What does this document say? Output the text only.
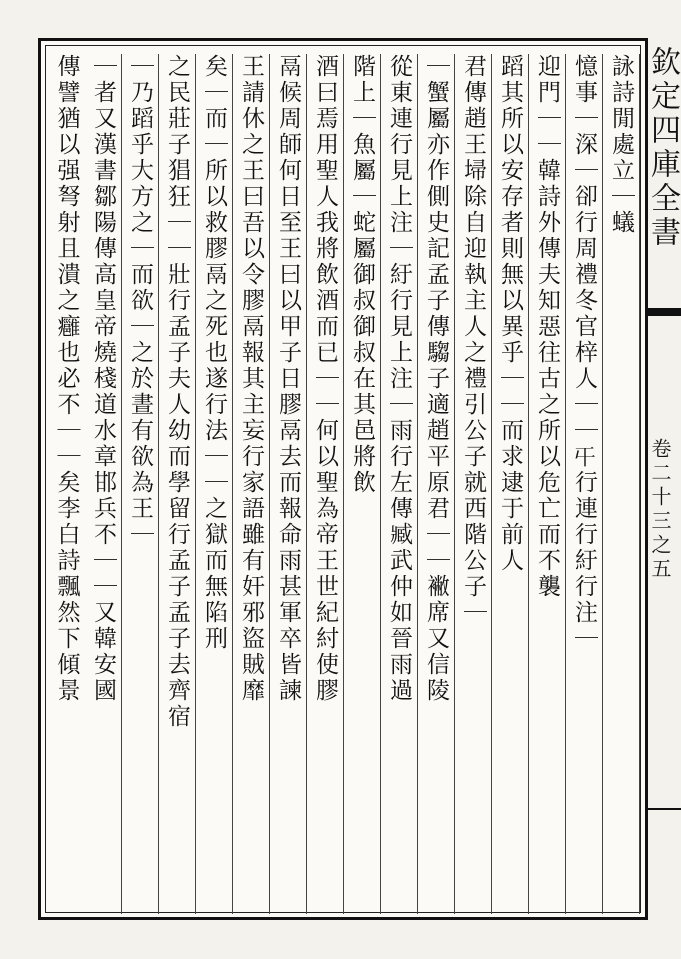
詠詩閒處立｜蟻
憶事｜深｜卻行周禮冬官梓人｜｜𡕒行連行紆行注｜
迎門｜｜韓詩外傳夫知惡往古之所以危亡而不襲
蹈其所以安存者則無以異乎｜｜而求逮于前人
君傳趙王埽除自迎執主人之禮引公子就西階公子｜
｜蟹屬亦作側史記孟子傳騶子適趙平原君｜｜襒席又信陵
從東連行見上注｜紆行見上注｜雨行左傳臧武仲如晉雨過
階上｜魚屬｜蛇屬御叔御叔在其邑將飲
酒曰焉用聖人我將飲酒而已｜｜何以聖為帝王世紀紂使膠
鬲候周師何日至王曰以甲子日膠鬲去而報命雨甚軍卒皆諫
王請休之王曰吾以令膠鬲報其主妄行家語雖有奸邪盜賊靡
矣｜而｜所以救膠鬲之死也遂行法｜｜之獄而無陷刑
之民莊子猖狂｜｜壯行孟子夫人幼而學留行孟子孟子去齊宿
｜乃蹈乎大方之｜而欲｜之於晝有欲為王｜
｜者又漢書鄒陽傳高皇帝燒棧道水章邯兵不｜｜又韓安國
傳譬猶以强弩射且潰之癰也必不｜｜矣李白詩飄然下傾景	欽定四庫全書
卷二十三之五
